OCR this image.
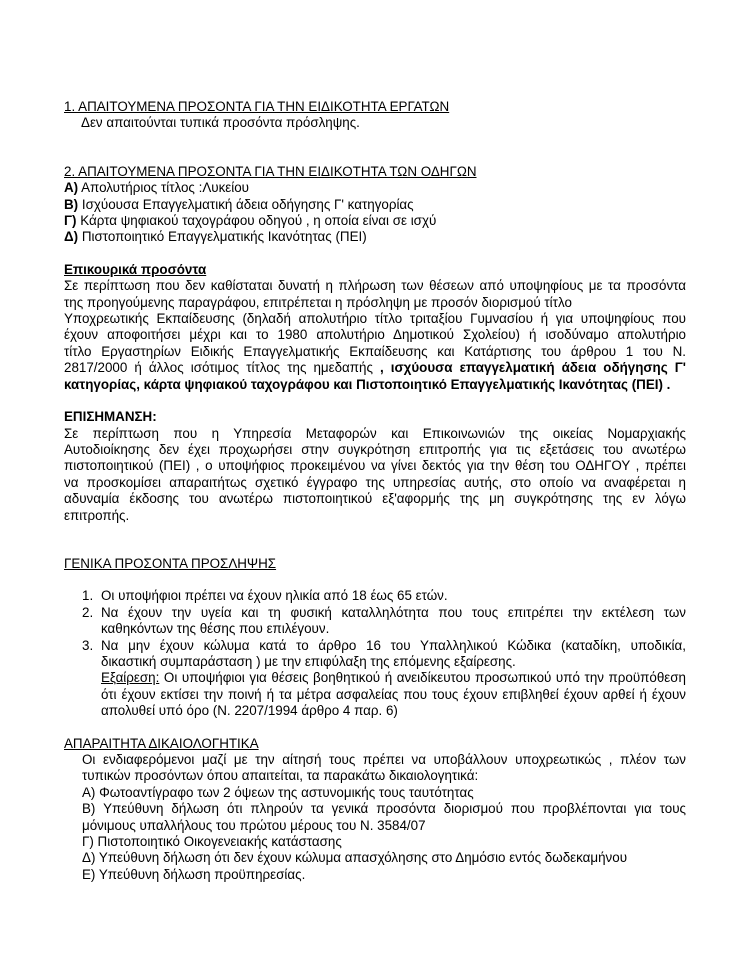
1. ΑΠΑΙΤΟΥΜΕΝΑ ΠΡΟΣΟΝΤΑ ΓΙΑ ΤΗΝ ΕΙΔΙΚΟΤΗΤΑ ΕΡΓΑΤΩΝ

Δεν απαιτούνται τυπικά προσόντα πρόσληψης.

2. ΑΠΑΙΤΟΥΜΕΝΑ ΠΡΟΣΟΝΤΑ ΓΙΑ ΤΗΝ ΕΙΔΙΚΟΤΗΤΑ ΤΩΝ ΟΔΗΓΩΝ

Α) Απολυτήριος τίτλος :Λυκείου

Β) Ισχύουσα Επαγγελματική άδεια οδήγησης Γ' κατηγορίας

Γ) Κάρτα ψηφιακού ταχογράφου οδηγού , η οποία είναι σε ισχύ

Δ) Πιστοποιητικό Επαγγελματικής Ικανότητας (ΠΕΙ)

Επικουρικά προσόντα

Σε περίπτωση που δεν καθίσταται δυνατή η πλήρωση των θέσεων από υποψηφίους με τα προσόντα

της προηγούμενης παραγράφου, επιτρέπεται η πρόσληψη με προσόν διορισμού τίτλο

Υποχρεωτικής Εκπαίδευσης (δηλαδή απολυτήριο τίτλο τριταξίου Γυμνασίου ή για υποψηφίους που

έχουν αποφοιτήσει μέχρι και το 1980 απολυτήριο Δημοτικού Σχολείου) ή ισοδύναμο απολυτήριο

τίτλο Εργαστηρίων Ειδικής Επαγγελματικής Εκπαίδευσης και Κατάρτισης του άρθρου 1 του Ν.

2817/2000 ή άλλος ισότιμος τίτλος της ημεδαπής , ισχύουσα επαγγελματική άδεια οδήγησης Γ'

κατηγορίας, κάρτα ψηφιακού ταχογράφου και Πιστοποιητικό Επαγγελματικής Ικανότητας (ΠΕΙ) .

ΕΠΙΣΗΜΑΝΣΗ:

Σε περίπτωση που η Υπηρεσία Μεταφορών και Επικοινωνιών της οικείας Νομαρχιακής

Αυτοδιοίκησης δεν έχει προχωρήσει στην συγκρότηση επιτροπής για τις εξετάσεις του ανωτέρω

πιστοποιητικού (ΠΕΙ) , ο υποψήφιος προκειμένου να γίνει δεκτός για την θέση του ΟΔΗΓΟΥ , πρέπει

να προσκομίσει απαραιτήτως σχετικό έγγραφο της υπηρεσίας αυτής, στο οποίο να αναφέρεται η

αδυναμία έκδοσης του ανωτέρω πιστοποιητικού εξ'αφορμής της μη συγκρότησης της εν λόγω

επιτροπής.

ΓΕΝΙΚΑ ΠΡΟΣΟΝΤΑ ΠΡΟΣΛΗΨΗΣ

1. Οι υποψήφιοι πρέπει να έχουν ηλικία από 18 έως 65 ετών.

2. Να έχουν την υγεία και τη φυσική καταλληλότητα που τους επιτρέπει την εκτέλεση των

καθηκόντων της θέσης που επιλέγουν.

3. Να μην έχουν κώλυμα κατά το άρθρο 16 του Υπαλληλικού Κώδικα (καταδίκη, υποδικία,

δικαστική συμπαράσταση ) με την επιφύλαξη της επόμενης εξαίρεσης.

Εξαίρεση: Οι υποψήφιοι για θέσεις βοηθητικού ή ανειδίκευτου προσωπικού υπό την προϋπόθεση

ότι έχουν εκτίσει την ποινή ή τα μέτρα ασφαλείας που τους έχουν επιβληθεί έχουν αρθεί ή έχουν

απολυθεί υπό όρο (Ν. 2207/1994 άρθρο 4 παρ. 6)

ΑΠΑΡΑΙΤΗΤΑ ΔΙΚΑΙΟΛΟΓΗΤΙΚΑ

Οι ενδιαφερόμενοι μαζί με την αίτησή τους πρέπει να υποβάλλουν υποχρεωτικώς , πλέον των

τυπικών προσόντων όπου απαιτείται, τα παρακάτω δικαιολογητικά:

Α) Φωτοαντίγραφο των 2 όψεων της αστυνομικής τους ταυτότητας

Β) Υπεύθυνη δήλωση ότι πληρούν τα γενικά προσόντα διορισμού που προβλέπονται για τους

μόνιμους υπαλλήλους του πρώτου μέρους του Ν. 3584/07

Γ) Πιστοποιητικό Οικογενειακής κατάστασης

Δ) Υπεύθυνη δήλωση ότι δεν έχουν κώλυμα απασχόλησης στο Δημόσιο εντός δωδεκαμήνου

Ε) Υπεύθυνη δήλωση προϋπηρεσίας.
